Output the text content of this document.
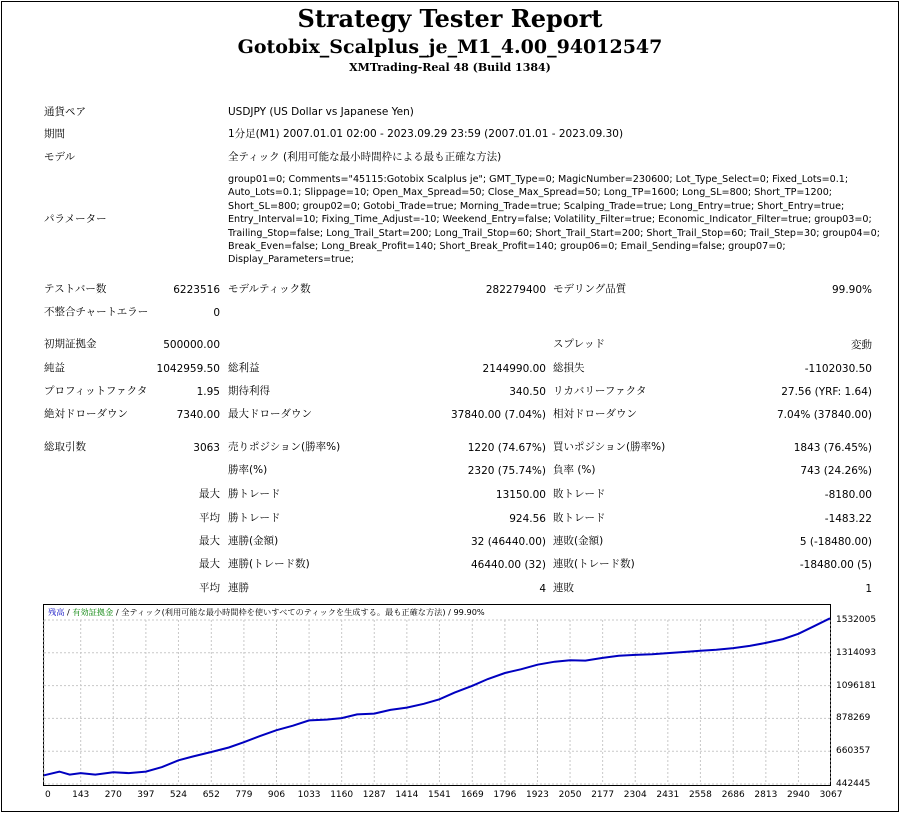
Strategy Tester Report
Gotobix_Scalplus_je_M1_4.00_94012547
XMTrading-Real 48 (Build 1384)
通貨ペア	USDJPY (US Dollar vs Japanese Yen)
期間	1分足(M1) 2007.01.01 02:00 - 2023.09.29 23:59 (2007.01.01 - 2023.09.30)
モデル	全ティック (利用可能な最小時間枠による最も正確な方法)
パラメーター
group01=0; Comments="45115:Gotobix Scalplus je"; GMT_Type=0; MagicNumber=230600; Lot_Type_Select=0; Fixed_Lots=0.1; Auto_Lots=0.1; Slippage=10; Open_Max_Spread=50; Close_Max_Spread=50; Long_TP=1600; Long_SL=800; Short_TP=1200; Short_SL=800; group02=0; Gotobi_Trade=true; Morning_Trade=true; Scalping_Trade=true; Long_Entry=true; Short_Entry=true; Entry_Interval=10; Fixing_Time_Adjust=-10; Weekend_Entry=false; Volatility_Filter=true; Economic_Indicator_Filter=true; group03=0; Trailing_Stop=false; Long_Trail_Start=200; Long_Trail_Stop=60; Short_Trail_Start=200; Short_Trail_Stop=60; Trail_Step=30; group04=0; Break_Even=false; Long_Break_Profit=140; Short_Break_Profit=140; group06=0; Email_Sending=false; group07=0; Display_Parameters=true;
テストバー数	6223516 モデルティック数	282279400 モデリング品質	99.90%
不整合チャートエラー	0
初期証拠金	500000.00	スプレッド	変動
純益	1042959.50 総利益	2144990.00 総損失	-1102030.50
プロフィットファクタ	1.95 期待利得	340.50 リカバリーファクタ	27.56 (YRF: 1.64)
絶対ドローダウン	7340.00 最大ドローダウン	37840.00 (7.04%) 相対ドローダウン	7.04% (37840.00)
総取引数	3063 売りポジション(勝率%)	1220 (74.67%) 買いポジション(勝率%)	1843 (76.45%)
勝率(%)	2320 (75.74%) 負率 (%)	743 (24.26%)
最大 勝トレード	13150.00 敗トレード	-8180.00
平均 勝トレード	924.56 敗トレード	-1483.22
最大 連勝(金額)	32 (46440.00) 連敗(金額)	5 (-18480.00)
最大 連勝(トレード数)	46440.00 (32) 連敗(トレード数)	-18480.00 (5)
平均 連勝	4 連敗	1
残高 / 有効証拠金 / 全ティック(利用可能な最小時間枠を使いすべてのティックを生成する。最も正確な方法) / 99.90%
1532005
1314093
1096181
878269
660357
442445
0 143 270 397 524 652 779 906 1033 1160 1287 1414 1541 1669 1796 1923 2050 2177 2304 2431 2558 2686 2813 2940 3067
